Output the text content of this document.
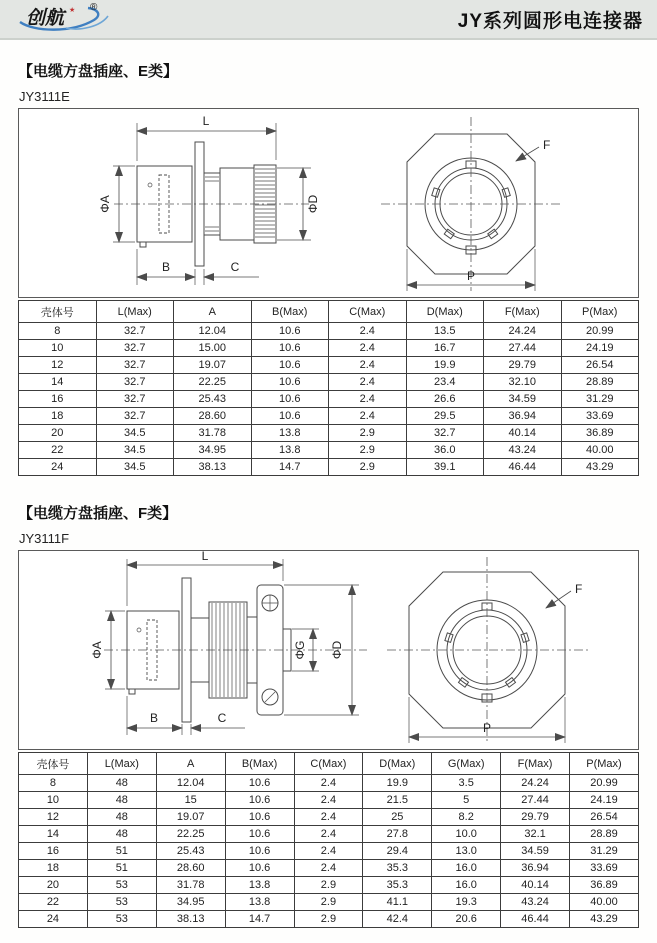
创航 ★ ®
JY系列圆形电连接器
【电缆方盘插座、E类】
JY3111E
L
ΦA	ΦD
B	C
F
P
壳体号	L(Max)	A	B(Max)	C(Max)	D(Max)	F(Max)	P(Max)
8	32.7	12.04	10.6	2.4	13.5	24.24	20.99
10	32.7	15.00	10.6	2.4	16.7	27.44	24.19
12	32.7	19.07	10.6	2.4	19.9	29.79	26.54
14	32.7	22.25	10.6	2.4	23.4	32.10	28.89
16	32.7	25.43	10.6	2.4	26.6	34.59	31.29
18	32.7	28.60	10.6	2.4	29.5	36.94	33.69
20	34.5	31.78	13.8	2.9	32.7	40.14	36.89
22	34.5	34.95	13.8	2.9	36.0	43.24	40.00
24	34.5	38.13	14.7	2.9	39.1	46.44	43.29
【电缆方盘插座、F类】
JY3111F
L
ΦA	ΦG ΦD
B	C
F
P
壳体号	L(Max)	A	B(Max)	C(Max)	D(Max)	G(Max)	F(Max)	P(Max)
8	48	12.04	10.6	2.4	19.9	3.5	24.24	20.99
10	48	15	10.6	2.4	21.5	5	27.44	24.19
12	48	19.07	10.6	2.4	25	8.2	29.79	26.54
14	48	22.25	10.6	2.4	27.8	10.0	32.1	28.89
16	51	25.43	10.6	2.4	29.4	13.0	34.59	31.29
18	51	28.60	10.6	2.4	35.3	16.0	36.94	33.69
20	53	31.78	13.8	2.9	35.3	16.0	40.14	36.89
22	53	34.95	13.8	2.9	41.1	19.3	43.24	40.00
24	53	38.13	14.7	2.9	42.4	20.6	46.44	43.29
